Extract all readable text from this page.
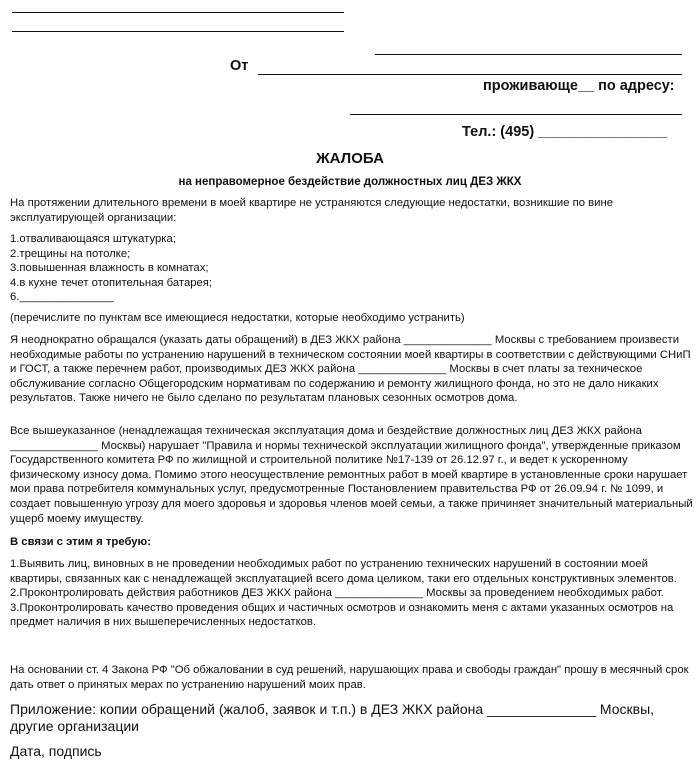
От
проживающе__ по адресу:
Тел.: (495) ________________
ЖАЛОБА
на неправомерное бездействие должностных лиц ДЕЗ ЖКХ

На протяжении длительного времени в моей квартире не устраняются следующие недостатки, возникшие по вине эксплуатирующей организации:

1.отваливающаяся штукатурка;

2.трещины на потолке;

3.повышенная влажность в комнатах;

4.в кухне течет отопительная батарея;

6._______________

(перечислите по пунктам все имеющиеся недостатки, которые необходимо устранить)

Я неоднократно обращался (указать даты обращений) в ДЕЗ ЖКХ района ______________ Москвы с требованием произвести необходимые работы по устранению нарушений в техническом состоянии моей квартиры в соответствии с действующими СНиП и ГОСТ, а также перечнем работ, производимых ДЕЗ ЖКХ района ______________ Москвы в счет платы за техническое обслуживание согласно Общегородским нормативам по содержанию и ремонту жилищного фонда, но это не дало никаких результатов. Также ничего не было сделано по результатам плановых сезонных осмотров дома.

Все вышеуказанное (ненадлежащая техническая эксплуатация дома и бездействие должностных лиц ДЕЗ ЖКХ района ______________ Москвы) нарушает "Правила и нормы технической эксплуатации жилищного фонда", утвержденные приказом Государственного комитета РФ по жилищной и строительной политике №17-139 от 26.12.97 г., и ведет к ускоренному физическому износу дома. Помимо этого неосуществление ремонтных работ в моей квартире в установленные сроки нарушает мои права потребителя коммунальных услуг, предусмотренные Постановлением правительства РФ от 26.09.94 г. № 1099, и создает повышенную угрозу для моего здоровья и здоровья членов моей семьи, а также причиняет значительный материальный ущерб моему имуществу.

В связи с этим я требую:

1.Выявить лиц, виновных в не проведении необходимых работ по устранению технических нарушений в состоянии моей квартиры, связанных как с ненадлежащей эксплуатацией всего дома целиком, таки его отдельных конструктивных элементов.

2.Проконтролировать действия работников ДЕЗ ЖКХ района ______________ Москвы за проведением необходимых работ.

3.Проконтролировать качество проведения общих и частичных осмотров и ознакомить меня с актами указанных осмотров на предмет наличия в них вышеперечисленных недостатков.

На основании ст. 4 Закона РФ "Об обжаловании в суд решений, нарушающих права и свободы граждан" прошу в месячный срок дать ответ о принятых мерах по устранению нарушений моих прав.

Приложение: копии обращений (жалоб, заявок и т.п.) в ДЕЗ ЖКХ района ______________ Москвы, другие организации

Дата, подпись
